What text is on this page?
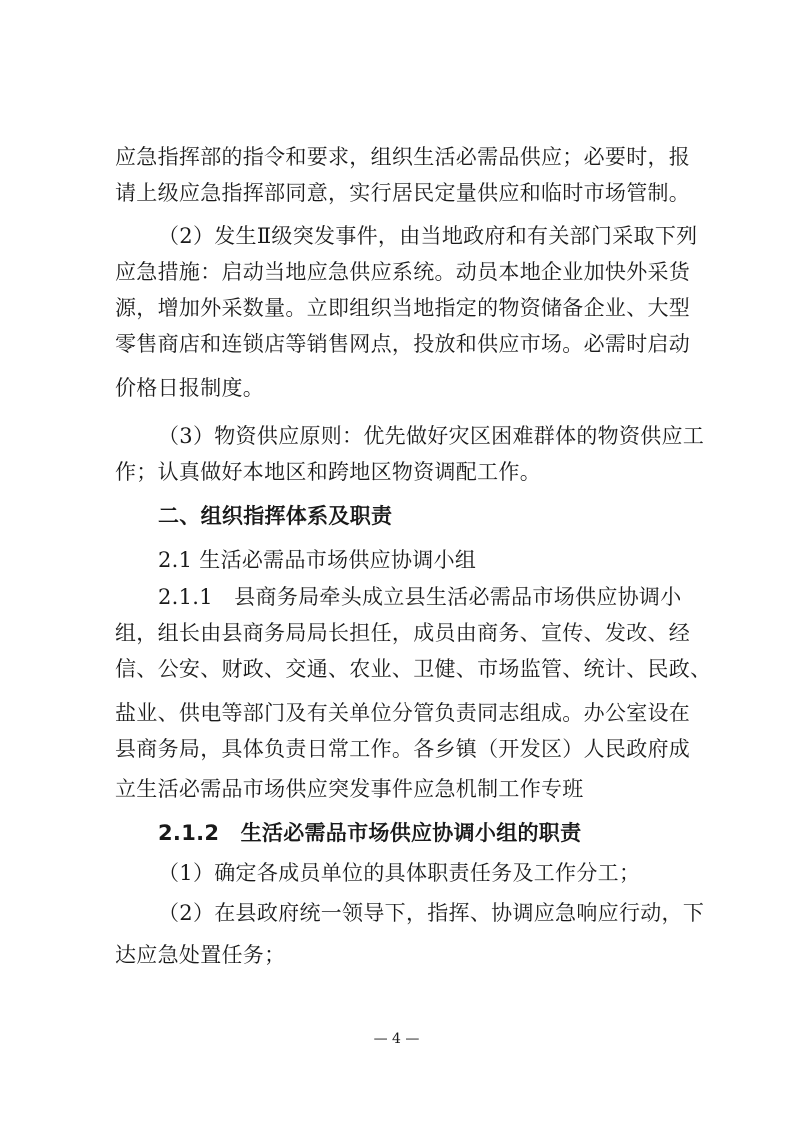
应急指挥部的指令和要求，组织生活必需品供应；必要时，报
请上级应急指挥部同意，实行居民定量供应和临时市场管制。
（2）发生Ⅱ级突发事件，由当地政府和有关部门采取下列
应急措施：启动当地应急供应系统。动员本地企业加快外采货
源，增加外采数量。立即组织当地指定的物资储备企业、大型
零售商店和连锁店等销售网点，投放和供应市场。必需时启动
价格日报制度。
（3）物资供应原则：优先做好灾区困难群体的物资供应工
作；认真做好本地区和跨地区物资调配工作。
二、组织指挥体系及职责
2.1 生活必需品市场供应协调小组
2.1.1　县商务局牵头成立县生活必需品市场供应协调小
组，组长由县商务局局长担任，成员由商务、宣传、发改、经
信、公安、财政、交通、农业、卫健、市场监管、统计、民政、
盐业、供电等部门及有关单位分管负责同志组成。办公室设在
县商务局，具体负责日常工作。各乡镇（开发区）人民政府成
立生活必需品市场供应突发事件应急机制工作专班
2.1.2　生活必需品市场供应协调小组的职责
（1）确定各成员单位的具体职责任务及工作分工；
（2）在县政府统一领导下，指挥、协调应急响应行动，下
达应急处置任务；
— 4 —
